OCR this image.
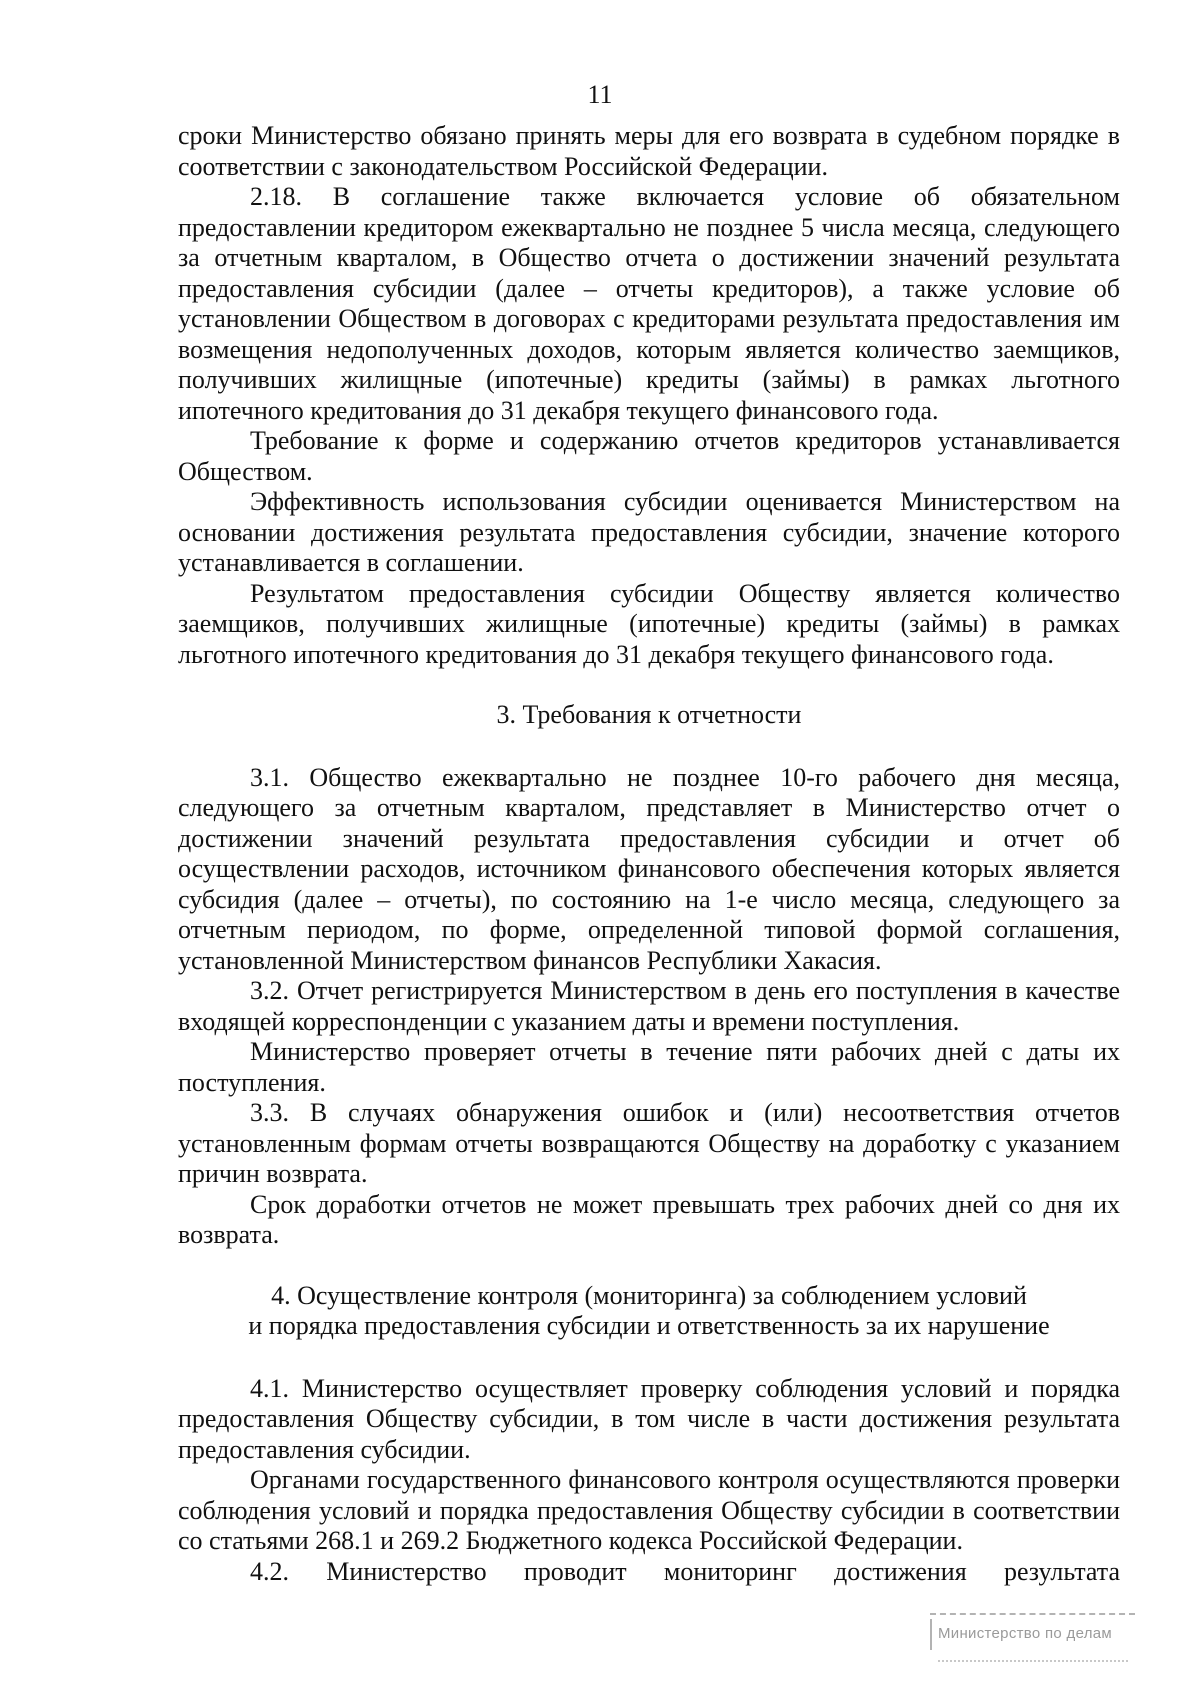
11

сроки Министерство обязано принять меры для его возврата в судебном порядке в соответствии с законодательством Российской Федерации.

2.18. В соглашение также включается условие об обязательном предоставлении кредитором ежеквартально не позднее 5 числа месяца, следующего за отчетным кварталом, в Общество отчета о достижении значений результата предоставления субсидии (далее – отчеты кредиторов), а также условие об установлении Обществом в договорах с кредиторами результата предоставления им возмещения недополученных доходов, которым является количество заемщиков, получивших жилищные (ипотечные) кредиты (займы) в рамках льготного ипотечного кредитования до 31 декабря текущего финансового года.

Требование к форме и содержанию отчетов кредиторов устанавливается Обществом.

Эффективность использования субсидии оценивается Министерством на основании достижения результата предоставления субсидии, значение которого устанавливается в соглашении.

Результатом предоставления субсидии Обществу является количество заемщиков, получивших жилищные (ипотечные) кредиты (займы) в рамках льготного ипотечного кредитования до 31 декабря текущего финансового года.

3. Требования к отчетности

3.1. Общество ежеквартально не позднее 10-го рабочего дня месяца, следующего за отчетным кварталом, представляет в Министерство отчет о достижении значений результата предоставления субсидии и отчет об осуществлении расходов, источником финансового обеспечения которых является субсидия (далее – отчеты), по состоянию на 1-е число месяца, следующего за отчетным периодом, по форме, определенной типовой формой соглашения, установленной Министерством финансов Республики Хакасия.

3.2. Отчет регистрируется Министерством в день его поступления в качестве входящей корреспонденции с указанием даты и времени поступления.

Министерство проверяет отчеты в течение пяти рабочих дней с даты их поступления.

3.3. В случаях обнаружения ошибок и (или) несоответствия отчетов установленным формам отчеты возвращаются Обществу на доработку с указанием причин возврата.

Срок доработки отчетов не может превышать трех рабочих дней со дня их возврата.

4. Осуществление контроля (мониторинга) за соблюдением условий

и порядка предоставления субсидии и ответственность за их нарушение

4.1. Министерство осуществляет проверку соблюдения условий и порядка предоставления Обществу субсидии, в том числе в части достижения результата предоставления субсидии.

Органами государственного финансового контроля осуществляются проверки соблюдения условий и порядка предоставления Обществу субсидии в соответствии со статьями 268.1 и 269.2 Бюджетного кодекса Российской Федерации.

4.2. Министерство проводит мониторинг достижения результата

Министерство по делам
